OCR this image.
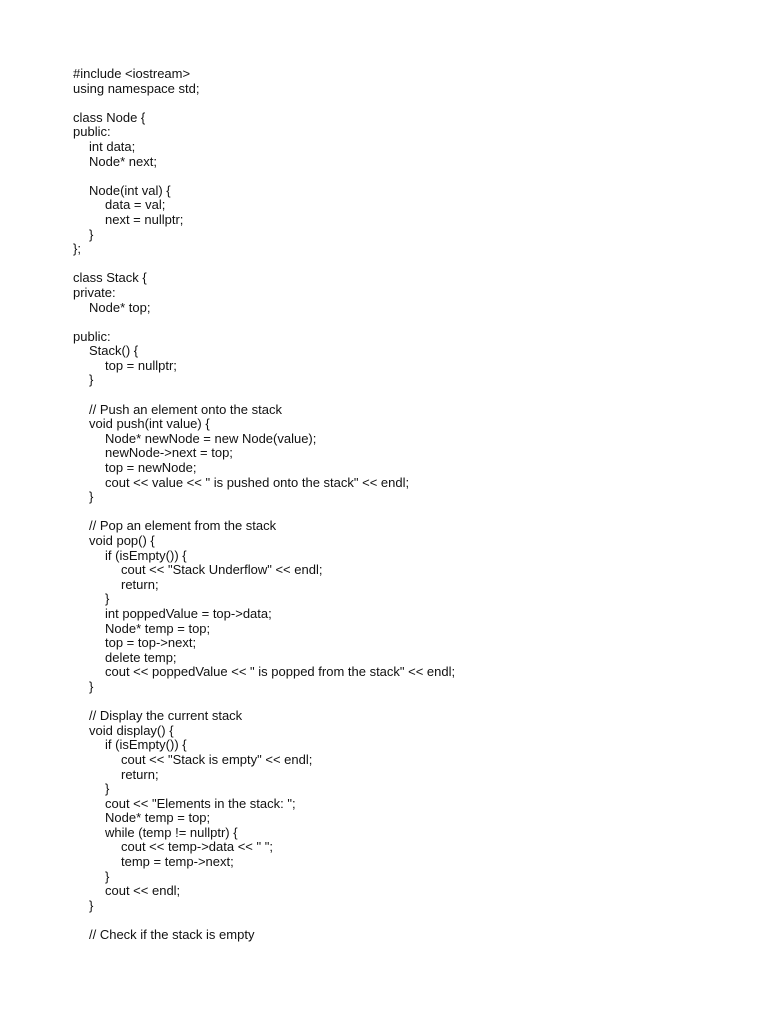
#include <iostream>
using namespace std;
class Node {
public:
int data;
Node* next;
Node(int val) {
data = val;
next = nullptr;
}
};
class Stack {
private:
Node* top;
public:
Stack() {
top = nullptr;
}
// Push an element onto the stack
void push(int value) {
Node* newNode = new Node(value);
newNode->next = top;
top = newNode;
cout << value << " is pushed onto the stack" << endl;
}
// Pop an element from the stack
void pop() {
if (isEmpty()) {
cout << "Stack Underflow" << endl;
return;
}
int poppedValue = top->data;
Node* temp = top;
top = top->next;
delete temp;
cout << poppedValue << " is popped from the stack" << endl;
}
// Display the current stack
void display() {
if (isEmpty()) {
cout << "Stack is empty" << endl;
return;
}
cout << "Elements in the stack: ";
Node* temp = top;
while (temp != nullptr) {
cout << temp->data << " ";
temp = temp->next;
}
cout << endl;
}
// Check if the stack is empty
